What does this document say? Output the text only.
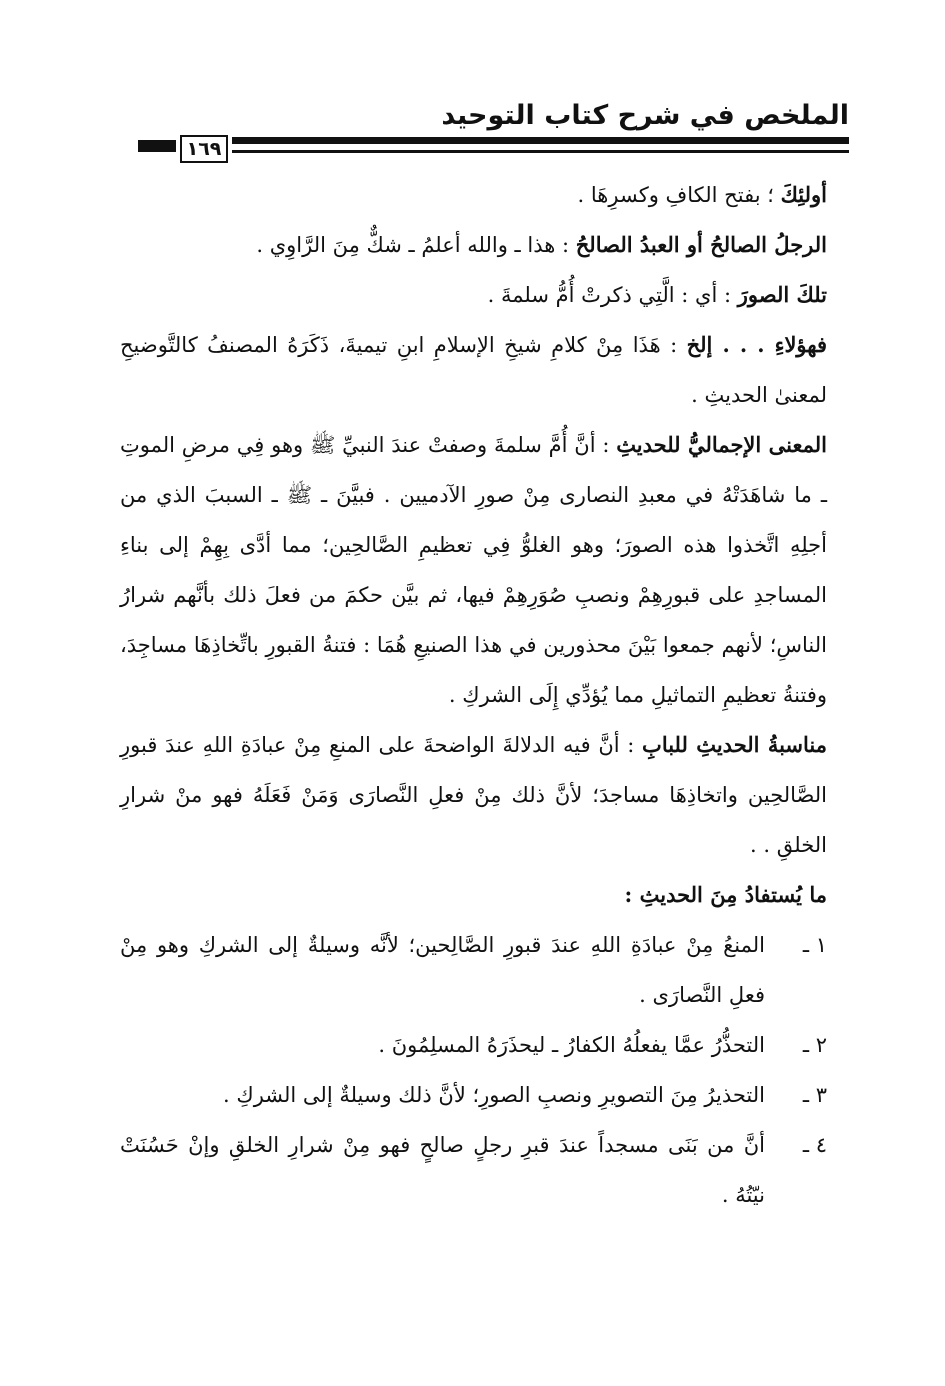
الملخص في شرح كتاب التوحيد
١٦٩

أولئِكَ ؛ بفتح الكافِ وكسرِهَا .

الرجلُ الصالحُ أو العبدُ الصالحُ : هذا ـ والله أعلمُ ـ شكٌّ مِنَ الرَّاوِي .

تلكَ الصورَ : أي : الَّتِي ذكرتْ أُمُّ سلمةَ .

فهؤلاءِ . . . إلخ : هَذَا مِنْ كلامِ شيخِ الإسلامِ ابنِ تيميةَ، ذَكَرَهُ المصنفُ كالتَّوضيحِ لمعنىٰ الحديثِ .

المعنى الإجماليُّ للحديثِ : أنَّ أُمَّ سلمةَ وصفتْ عندَ النبيِّ ﷺ وهو فِي مرضِ الموتِ ـ ما شاهَدَتْهُ في معبدِ النصارى مِنْ صورِ الآدميين . فبيَّنَ ـ ﷺ ـ السببَ الذي من أجلِهِ اتَّخذوا هذه الصورَ؛ وهو الغلوُّ فِي تعظيمِ الصَّالحِين؛ مما أدَّى بِهِمْ إلى بناءِ المساجدِ على قبورِهِمْ ونصبِ صُوَرِهِمْ فيها، ثم بيَّن حكمَ من فعلَ ذلك بأنَّهم شرارُ الناسِ؛ لأنهم جمعوا بَيْنَ محذورين في هذا الصنيعِ هُمَا : فتنةُ القبورِ باتِّخاذِهَا مساجِدَ، وفتنةُ تعظيمِ التماثيلِ مما يُؤدِّي إِلَى الشركِ .

مناسبةُ الحديثِ للبابِ : أنَّ فيه الدلالةَ الواضحةَ على المنعِ مِنْ عبادَةِ اللهِ عندَ قبورِ الصَّالحِين واتخاذِهَا مساجدَ؛ لأنَّ ذلك مِنْ فعلِ النَّصارَى وَمَنْ فَعَلَهُ فهو منْ شرارِ الخلقِ . .

ما يُستفادُ مِنَ الحديثِ :

١ ـ
المنعُ مِنْ عبادَةِ اللهِ عندَ قبورِ الصَّالِحين؛ لأنَّه وسيلةٌ إلى الشركِ وهو مِنْ فعلِ النَّصارَى .
٢ ـ
التحذُّرُ عمَّا يفعلُهُ الكفارُ ـ ليحذَرَهُ المسلِمُونَ .
٣ ـ
التحذيرُ مِنَ التصويرِ ونصبِ الصورِ؛ لأنَّ ذلك وسيلةٌ إلى الشركِ .
٤ ـ
أنَّ من بَنَى مسجداً عندَ قبرِ رجلٍ صالحٍ فهو مِنْ شرارِ الخلقِ وإنْ حَسُنَتْ نيّتُهُ .
